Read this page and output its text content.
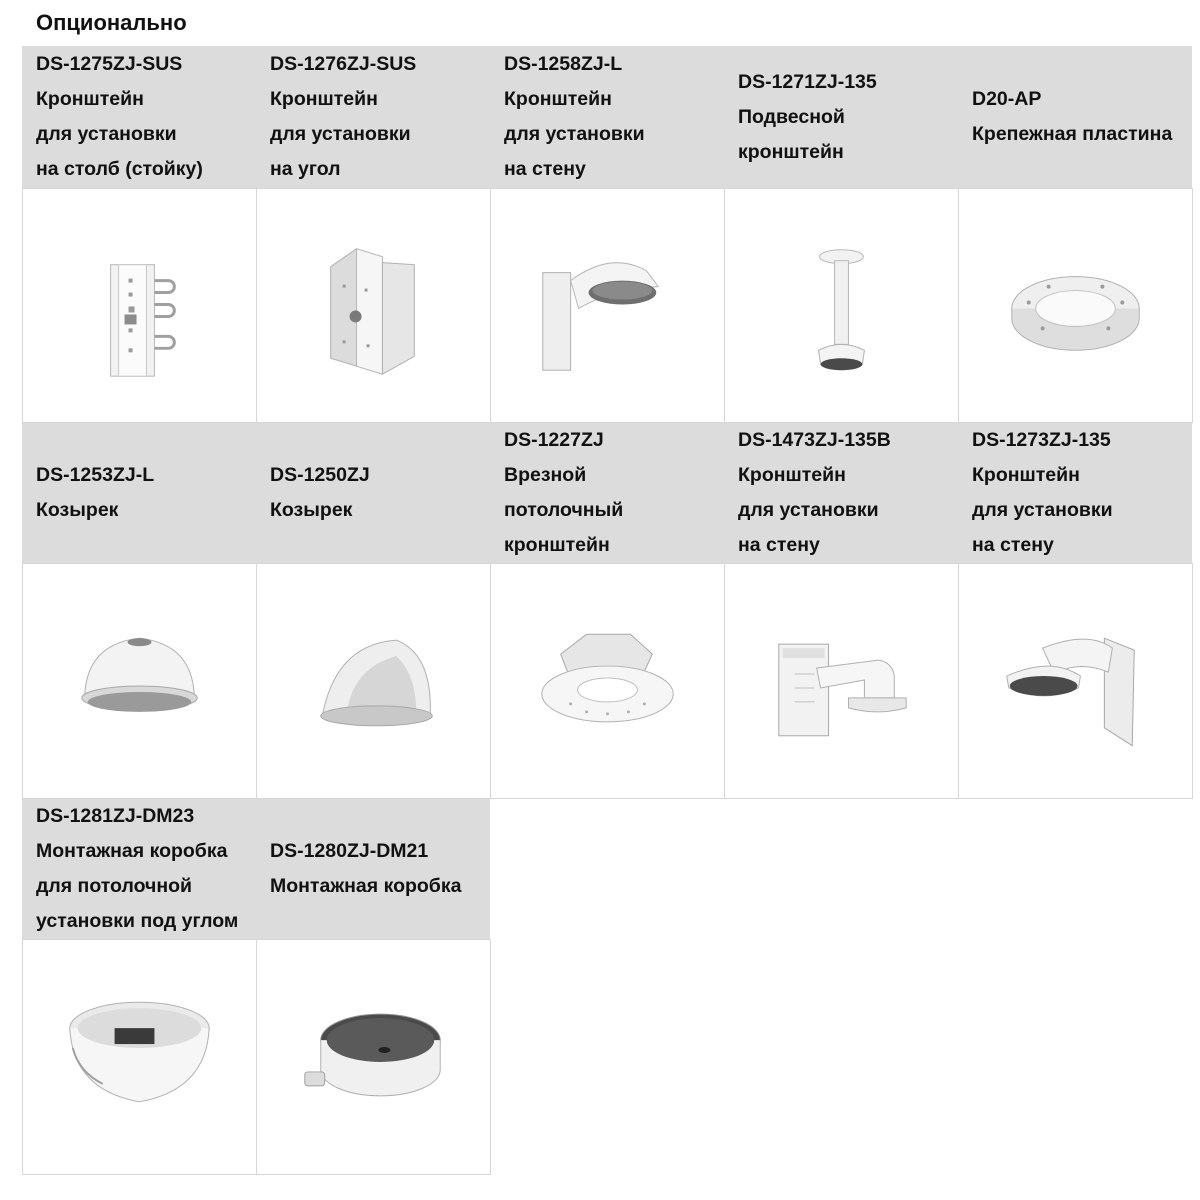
Опционально
DS-1275ZJ-SUS
Кронштейн
для установки
на столб (стойку)
DS-1276ZJ-SUS
Кронштейн
для установки
на угол
DS-1258ZJ-L
Кронштейн
для установки
на стену
DS-1271ZJ-135
Подвесной
кронштейн
D20-AP
Крепежная пластина
DS-1253ZJ-L
Козырек
DS-1250ZJ
Козырек
DS-1227ZJ
Врезной
потолочный
кронштейн
DS-1473ZJ-135B
Кронштейн
для установки
на стену
DS-1273ZJ-135
Кронштейн
для установки
на стену
DS-1281ZJ-DM23
Монтажная коробка
для потолочной
установки под углом
DS-1280ZJ-DM21
Монтажная коробка
